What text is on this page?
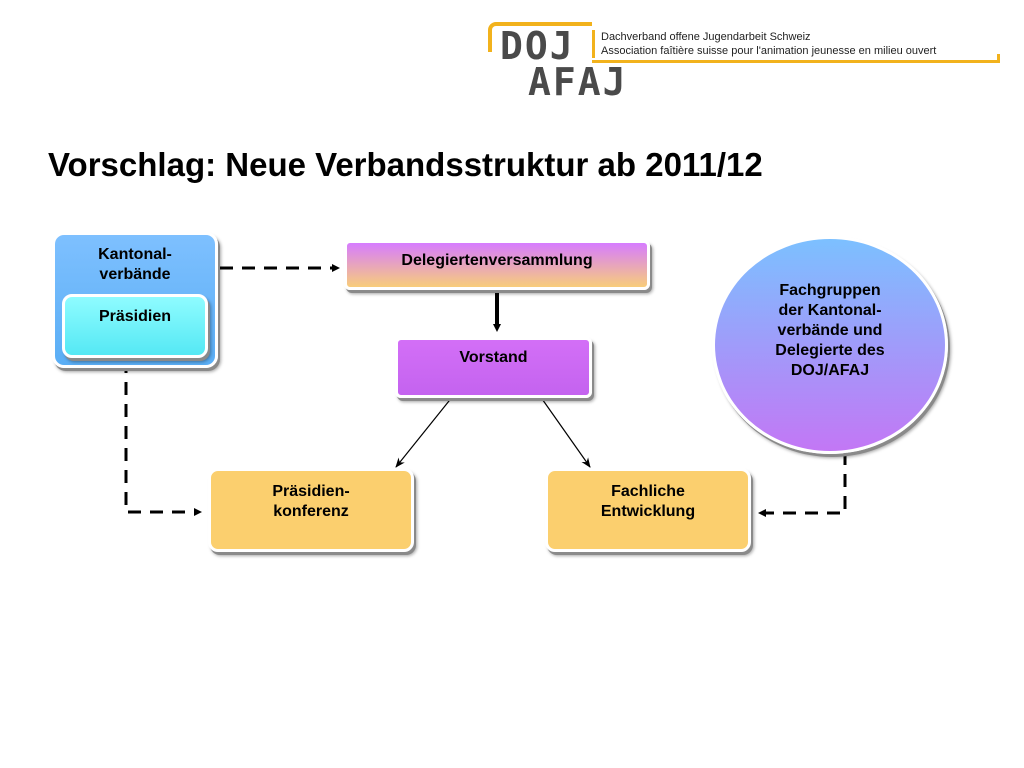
DOJ
AFAJ
Dachverband offene Jugendarbeit Schweiz
Association faîtière suisse pour l'animation jeunesse en milieu ouvert
Vorschlag: Neue Verbandsstruktur ab 2011/12
Kantonal-
verbände
Präsidien
Delegiertenversammlung
Vorstand
Präsidien-
konferenz
Fachliche
Entwicklung
Fachgruppen
der Kantonal-
verbände und
Delegierte des
DOJ/AFAJ
